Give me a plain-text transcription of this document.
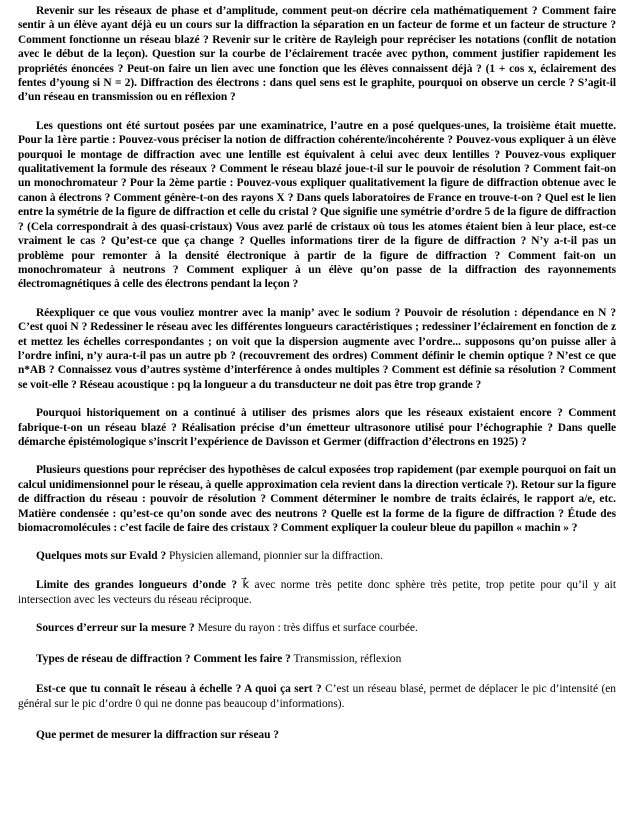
Revenir sur les réseaux de phase et d’amplitude, comment peut-on décrire cela mathématiquement ? Comment faire sentir à un élève ayant déjà eu un cours sur la diffraction la séparation en un facteur de forme et un facteur de structure ? Comment fonctionne un réseau blazé ? Revenir sur le critère de Rayleigh pour repréciser les notations (conflit de notation avec le début de la leçon). Question sur la courbe de l’éclairement tracée avec python, comment justifier rapidement les propriétés énoncées ? Peut-on faire un lien avec une fonction que les élèves connaissent déjà ? (1 + cos x, éclairement des fentes d’young si N = 2). Diffraction des électrons : dans quel sens est le graphite, pourquoi on observe un cercle ? S’agit-il d’un réseau en transmission ou en réflexion ?

Les questions ont été surtout posées par une examinatrice, l’autre en a posé quelques-unes, la troisième était muette. Pour la 1ère partie : Pouvez-vous préciser la notion de diffraction cohérente/incohérente ? Pouvez-vous expliquer à un élève pourquoi le montage de diffraction avec une lentille est équivalent à celui avec deux lentilles ? Pouvez-vous expliquer qualitativement la formule des réseaux ? Comment le réseau blazé joue-t-il sur le pouvoir de résolution ? Comment fait-on un monochromateur ? Pour la 2ème partie : Pouvez-vous expliquer qualitativement la figure de diffraction obtenue avec le canon à électrons ? Comment génère-t-on des rayons X ? Dans quels laboratoires de France en trouve-t-on ? Quel est le lien entre la symétrie de la figure de diffraction et celle du cristal ? Que signifie une symétrie d’ordre 5 de la figure de diffraction ? (Cela correspondrait à des quasi-cristaux) Vous avez parlé de cristaux où tous les atomes étaient bien à leur place, est-ce vraiment le cas ? Qu’est-ce que ça change ? Quelles informations tirer de la figure de diffraction ? N’y a-t-il pas un problème pour remonter à la densité électronique à partir de la figure de diffraction ? Comment fait-on un monochromateur à neutrons ? Comment expliquer à un élève qu’on passe de la diffraction des rayonnements électromagnétiques à celle des électrons pendant la leçon ?

Réexpliquer ce que vous vouliez montrer avec la manip’ avec le sodium ? Pouvoir de résolution : dépendance en N ? C’est quoi N ? Redessiner le réseau avec les différentes longueurs caractéristiques ; redessiner l’éclairement en fonction de z et mettez les échelles correspondantes ; on voit que la dispersion augmente avec l’ordre... supposons qu’on puisse aller à l’ordre infini, n’y aura-t-il pas un autre pb ? (recouvrement des ordres) Comment définir le chemin optique ? N’est ce que n*AB ? Connaissez vous d’autres système d’interférence à ondes multiples ? Comment est définie sa résolution ? Comment se voit-elle ? Réseau acoustique : pq la longueur a du transducteur ne doit pas être trop grande ?

Pourquoi historiquement on a continué à utiliser des prismes alors que les réseaux existaient encore ? Comment fabrique-t-on un réseau blazé ? Réalisation précise d’un émetteur ultrasonore utilisé pour l’échographie ? Dans quelle démarche épistémologique s’inscrit l’expérience de Davisson et Germer (diffraction d’électrons en 1925) ?

Plusieurs questions pour repréciser des hypothèses de calcul exposées trop rapidement (par exemple pourquoi on fait un calcul unidimensionnel pour le réseau, à quelle approximation cela revient dans la direction verticale ?). Retour sur la figure de diffraction du réseau : pouvoir de résolution ? Comment déterminer le nombre de traits éclairés, le rapport a/e, etc. Matière condensée : qu’est-ce qu’on sonde avec des neutrons ? Quelle est la forme de la figure de diffraction ? Étude des biomacromolécules : c’est facile de faire des cristaux ? Comment expliquer la couleur bleue du papillon « machin » ?

Quelques mots sur Evald ? Physicien allemand, pionnier sur la diffraction.

Limite des grandes longueurs d’onde ? k⃗ avec norme très petite donc sphère très petite, trop petite pour qu’il y ait intersection avec les vecteurs du réseau réciproque.

Sources d’erreur sur la mesure ? Mesure du rayon : très diffus et surface courbée.

Types de réseau de diffraction ? Comment les faire ? Transmission, réflexion

Est-ce que tu connaît le réseau à échelle ? A quoi ça sert ? C’est un réseau blasé, permet de déplacer le pic d’intensité (en général sur le pic d’ordre 0 qui ne donne pas beaucoup d’informations).

Que permet de mesurer la diffraction sur réseau ?
